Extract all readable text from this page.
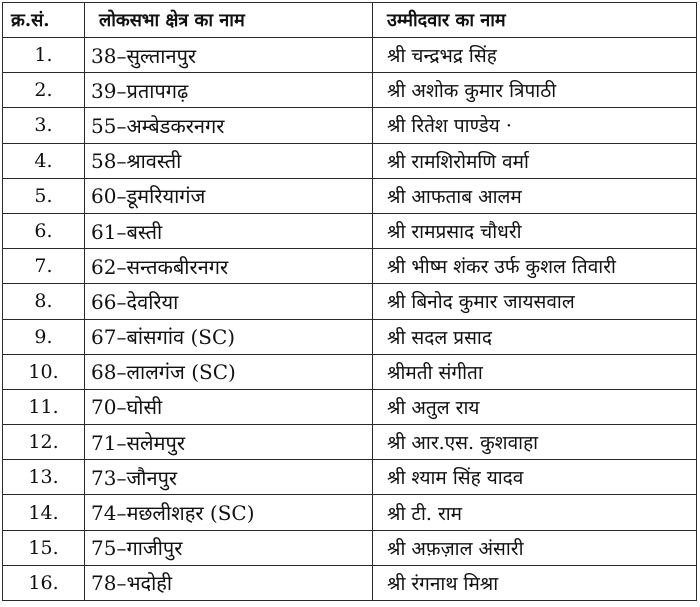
क्र.सं.	लोकसभा क्षेत्र का नाम	उम्मीदवार का नाम
1.	38–सुल्तानपुर	श्री चन्द्रभद्र सिंह
2.	39–प्रतापगढ़	श्री अशोक कुमार त्रिपाठी
3.	55–अम्बेडकरनगर	श्री रितेश पाण्डेय ·
4.	58–श्रावस्ती	श्री रामशिरोमणि वर्मा
5.	60–डूमरियागंज	श्री आफताब आलम
6.	61–बस्ती	श्री रामप्रसाद चौधरी
7.	62–सन्तकबीरनगर	श्री भीष्म शंकर उर्फ कुशल तिवारी
8.	66–देवरिया	श्री बिनोद कुमार जायसवाल
9.	67–बांसगांव (SC)	श्री सदल प्रसाद
10.	68–लालगंज (SC)	श्रीमती संगीता
11.	70–घोसी	श्री अतुल राय
12.	71–सलेमपुर	श्री आर.एस. कुशवाहा
13.	73–जौनपुर	श्री श्याम सिंह यादव
14.	74–मछलीशहर (SC)	श्री टी. राम
15.	75–गाजीपुर	श्री अफ़ज़ाल अंसारी
16.	78–भदोही	श्री रंगनाथ मिश्रा
